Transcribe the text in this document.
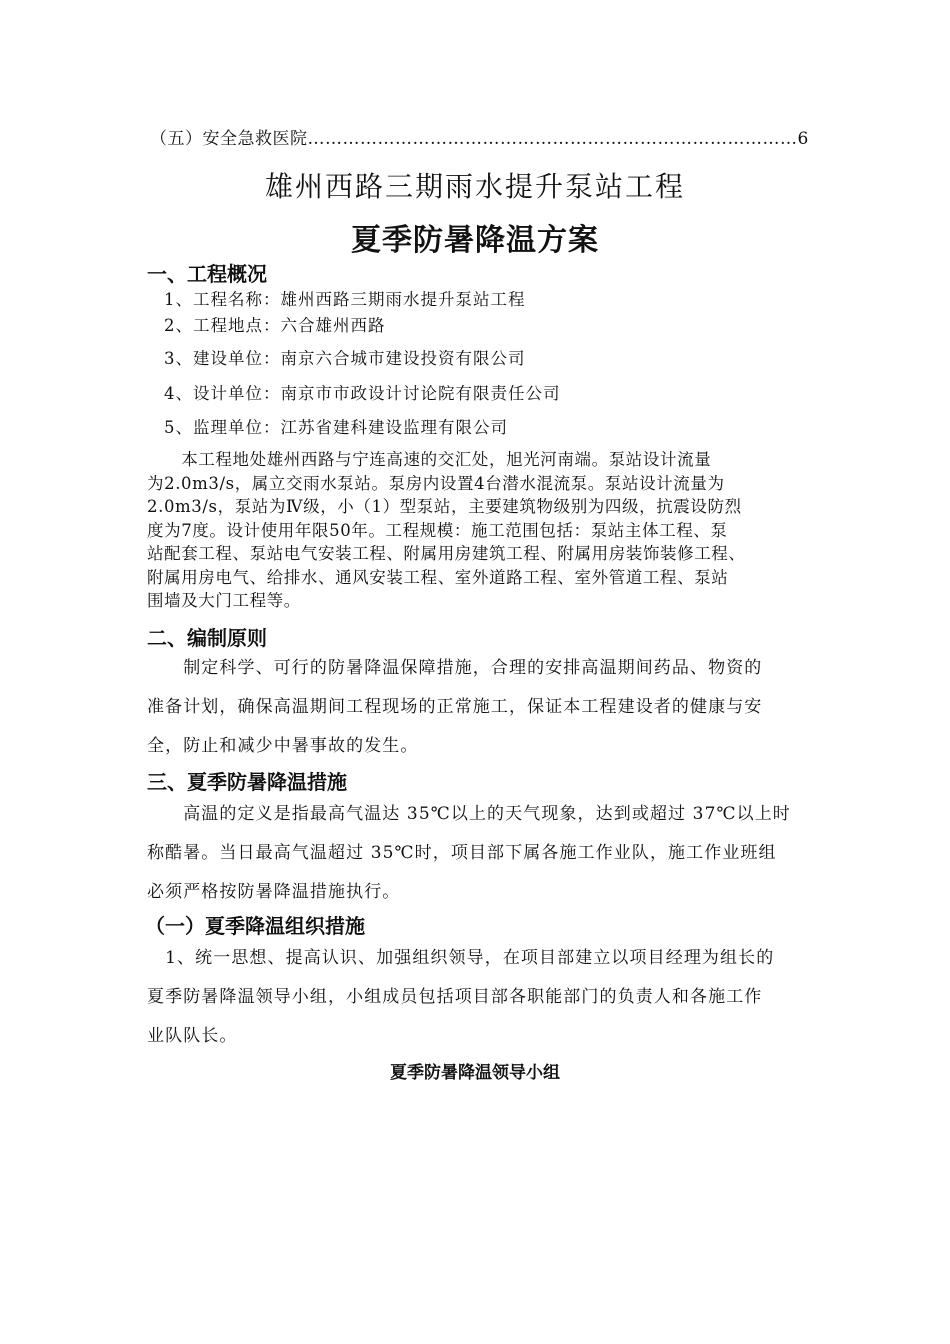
（五）安全急救医院…………………………………………………………………………6
雄州西路三期雨水提升泵站工程
夏季防暑降温方案
一、工程概况
1、工程名称：雄州西路三期雨水提升泵站工程
2、工程地点：六合雄州西路
3、建设单位：南京六合城市建设投资有限公司
4、设计单位：南京市市政设计讨论院有限责任公司
5、监理单位：江苏省建科建设监理有限公司

　　本工程地处雄州西路与宁连高速的交汇处，旭光河南端。泵站设计流量

为2.0m3/s，属立交雨水泵站。泵房内设置4台潜水混流泵。泵站设计流量为

2.0m3/s，泵站为Ⅳ级，小（1）型泵站，主要建筑物级别为四级，抗震设防烈

度为7度。设计使用年限50年。工程规模：施工范围包括：泵站主体工程、泵

站配套工程、泵站电气安装工程、附属用房建筑工程、附属用房装饰装修工程、

附属用房电气、给排水、通风安装工程、室外道路工程、室外管道工程、泵站

围墙及大门工程等。

二、编制原则

　　制定科学、可行的防暑降温保障措施，合理的安排高温期间药品、物资的

准备计划，确保高温期间工程现场的正常施工，保证本工程建设者的健康与安

全，防止和减少中暑事故的发生。

三、夏季防暑降温措施

　　高温的定义是指最高气温达 35℃以上的天气现象，达到或超过 37℃以上时

称酷暑。当日最高气温超过 35℃时，项目部下属各施工作业队，施工作业班组

必须严格按防暑降温措施执行。

（一）夏季降温组织措施

　1、统一思想、提高认识、加强组织领导，在项目部建立以项目经理为组长的

夏季防暑降温领导小组，小组成员包括项目部各职能部门的负责人和各施工作

业队队长。

夏季防暑降温领导小组
